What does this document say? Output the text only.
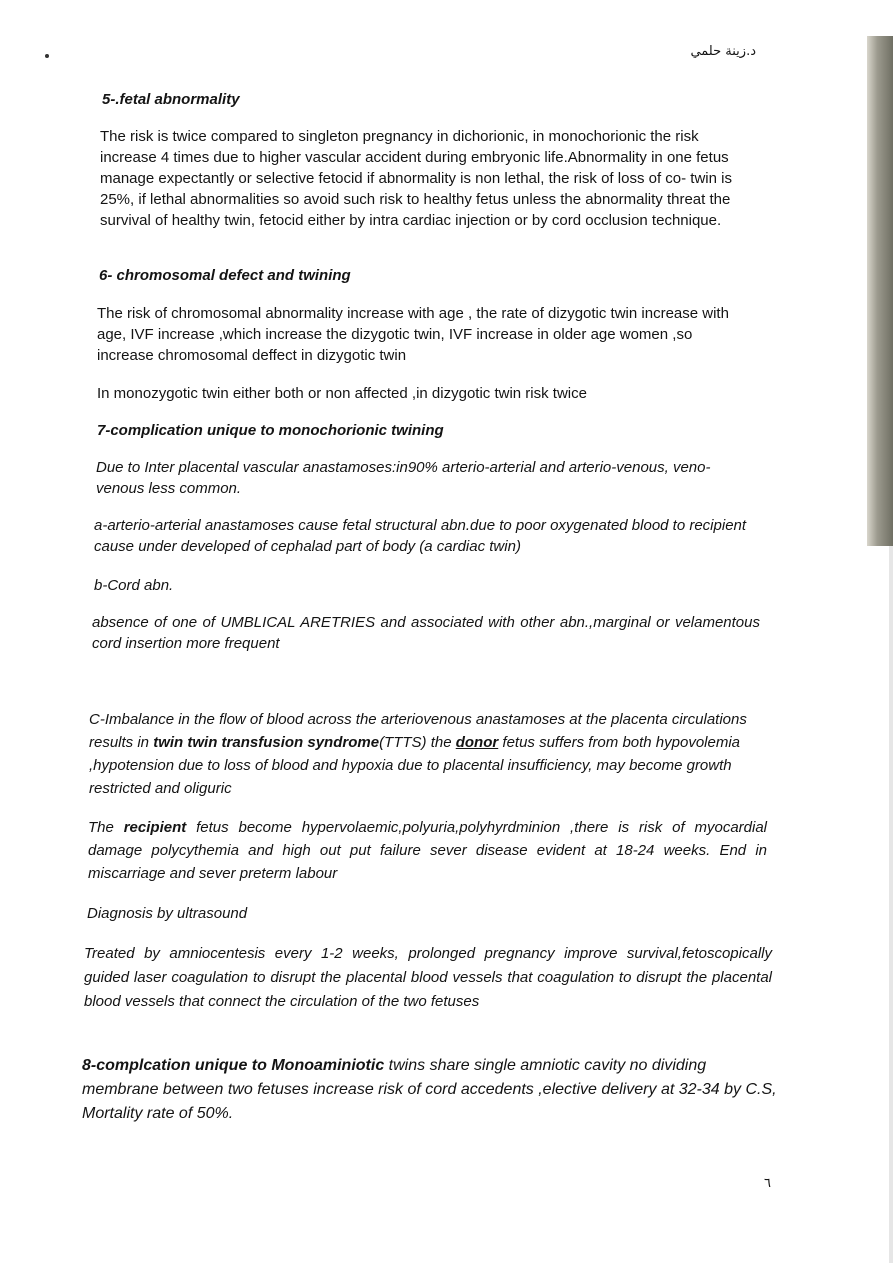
د.زينة حلمي
5-.fetal abnormality
The risk is twice compared to singleton pregnancy in dichorionic, in monochorionic the risk increase 4 times due to higher vascular accident during embryonic life.Abnormality in one fetus manage expectantly or selective fetocid if abnormality is non lethal, the risk of loss of co- twin is 25%, if lethal abnormalities so avoid such risk to healthy fetus unless the abnormality threat the survival of healthy twin, fetocid either by intra cardiac injection or by cord occlusion technique.
6- chromosomal defect and twining
The risk of chromosomal abnormality increase with age , the rate of dizygotic twin increase with age, IVF increase ,which increase the dizygotic twin, IVF increase in older age women ,so increase chromosomal deffect in dizygotic twin
In monozygotic twin either both or non affected ,in dizygotic twin risk twice
7-complication unique to monochorionic twining
Due to Inter placental vascular anastamoses:in90% arterio-arterial and arterio-venous, veno- venous less common.
a-arterio-arterial anastamoses cause fetal structural abn.due to poor oxygenated blood to recipient cause under developed of cephalad part of body (a cardiac twin)
b-Cord abn.
absence of one of UMBLICAL ARETRIES and associated with other abn.,marginal or velamentous cord insertion more frequent
C-Imbalance in the flow of blood across the arteriovenous anastamoses at the placenta circulations results in twin twin transfusion syndrome(TTTS) the donor fetus suffers from both hypovolemia ,hypotension due to loss of blood and hypoxia due to placental insufficiency, may become growth restricted and oliguric
The recipient fetus become hypervolaemic,polyuria,polyhyrdminion ,there is risk of myocardial damage polycythemia and high out put failure sever disease evident at 18-24 weeks. End in miscarriage and sever preterm labour
Diagnosis by ultrasound
Treated by amniocentesis every 1-2 weeks, prolonged pregnancy improve survival,fetoscopically guided laser coagulation to disrupt the placental blood vessels that coagulation to disrupt the placental blood vessels that connect the circulation of the two fetuses
8-complcation unique to Monoaminiotic twins share single amniotic cavity no dividing membrane between two fetuses increase risk of cord accedents ,elective delivery at 32-34 by C.S, Mortality rate of 50%.
٦
